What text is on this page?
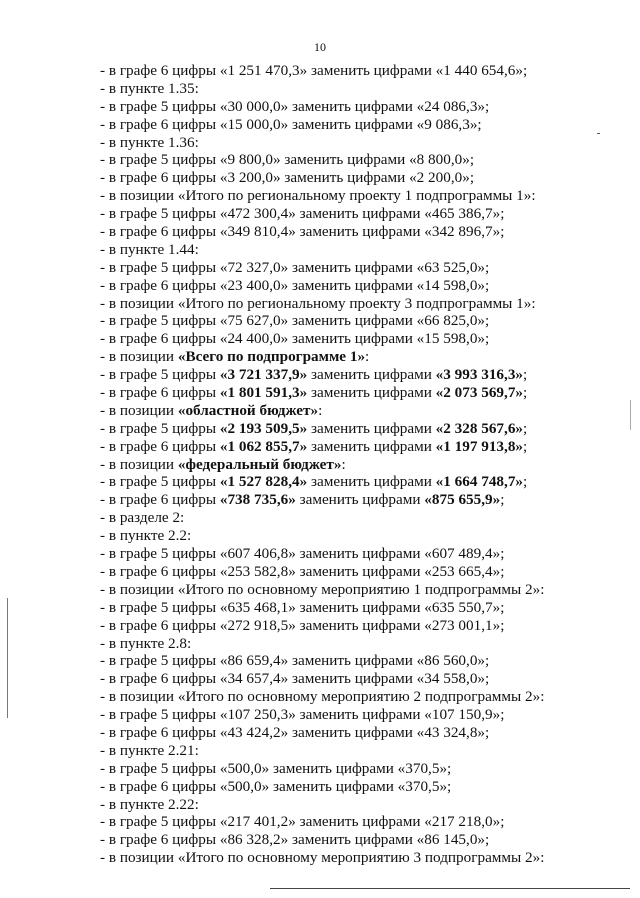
10
- в графе 6 цифры «1 251 470,3» заменить цифрами «1 440 654,6»;
- в пункте 1.35:
- в графе 5 цифры «30 000,0» заменить цифрами «24 086,3»;
- в графе 6 цифры «15 000,0» заменить цифрами «9 086,3»;
- в пункте 1.36:
- в графе 5 цифры «9 800,0» заменить цифрами «8 800,0»;
- в графе 6 цифры «3 200,0» заменить цифрами «2 200,0»;
- в позиции «Итого по региональному проекту 1 подпрограммы 1»:
- в графе 5 цифры «472 300,4» заменить цифрами «465 386,7»;
- в графе 6 цифры «349 810,4» заменить цифрами «342 896,7»;
- в пункте 1.44:
- в графе 5 цифры «72 327,0» заменить цифрами «63 525,0»;
- в графе 6 цифры «23 400,0» заменить цифрами «14 598,0»;
- в позиции «Итого по региональному проекту 3 подпрограммы 1»:
- в графе 5 цифры «75 627,0» заменить цифрами «66 825,0»;
- в графе 6 цифры «24 400,0» заменить цифрами «15 598,0»;
- в позиции «Всего по подпрограмме 1»:
- в графе 5 цифры «3 721 337,9» заменить цифрами «3 993 316,3»;
- в графе 6 цифры «1 801 591,3» заменить цифрами «2 073 569,7»;
- в позиции «областной бюджет»:
- в графе 5 цифры «2 193 509,5» заменить цифрами «2 328 567,6»;
- в графе 6 цифры «1 062 855,7» заменить цифрами «1 197 913,8»;
- в позиции «федеральный бюджет»:
- в графе 5 цифры «1 527 828,4» заменить цифрами «1 664 748,7»;
- в графе 6 цифры «738 735,6» заменить цифрами «875 655,9»;
- в разделе 2:
- в пункте 2.2:
- в графе 5 цифры «607 406,8» заменить цифрами «607 489,4»;
- в графе 6 цифры «253 582,8» заменить цифрами «253 665,4»;
- в позиции «Итого по основному мероприятию 1 подпрограммы 2»:
- в графе 5 цифры «635 468,1» заменить цифрами «635 550,7»;
- в графе 6 цифры «272 918,5» заменить цифрами «273 001,1»;
- в пункте 2.8:
- в графе 5 цифры «86 659,4» заменить цифрами «86 560,0»;
- в графе 6 цифры «34 657,4» заменить цифрами «34 558,0»;
- в позиции «Итого по основному мероприятию 2 подпрограммы 2»:
- в графе 5 цифры «107 250,3» заменить цифрами «107 150,9»;
- в графе 6 цифры «43 424,2» заменить цифрами «43 324,8»;
- в пункте 2.21:
- в графе 5 цифры «500,0» заменить цифрами «370,5»;
- в графе 6 цифры «500,0» заменить цифрами «370,5»;
- в пункте 2.22:
- в графе 5 цифры «217 401,2» заменить цифрами «217 218,0»;
- в графе 6 цифры «86 328,2» заменить цифрами «86 145,0»;
- в позиции «Итого по основному мероприятию 3 подпрограммы 2»:
